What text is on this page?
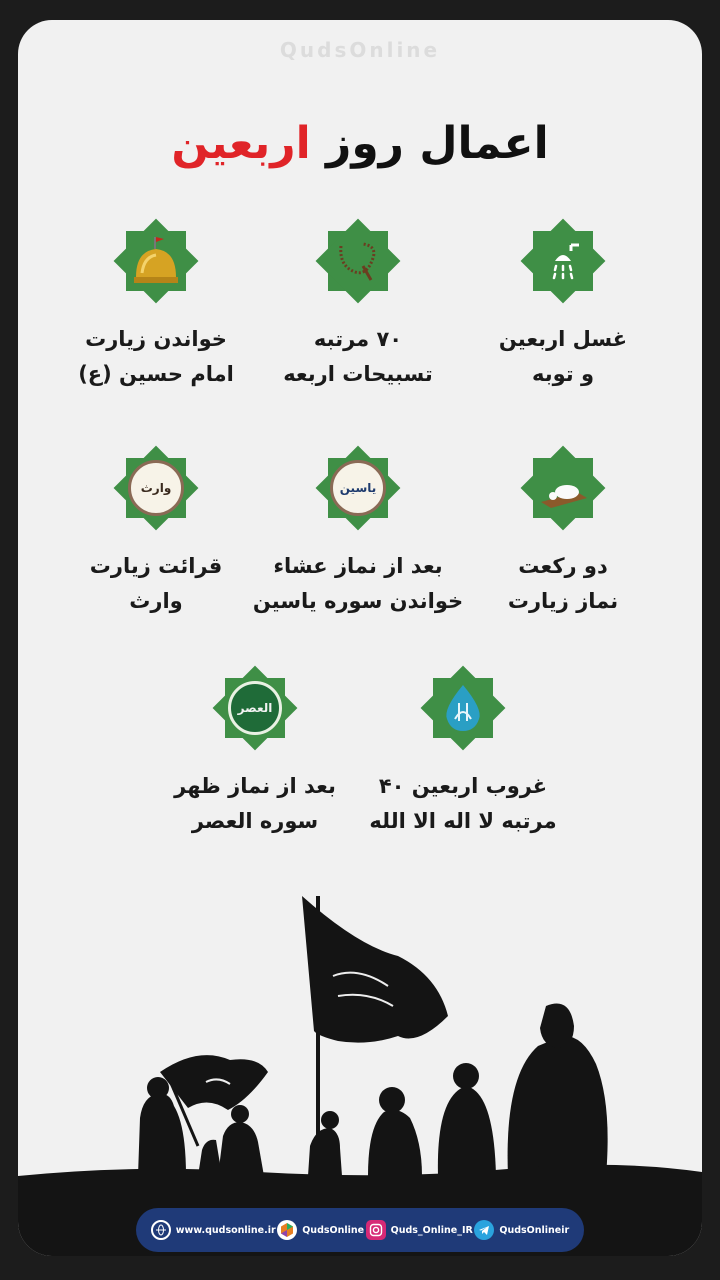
QudsOnline
اعمال روز اربعین
غسل اربعین
و توبه
۷۰ مرتبه
تسبیحات اربعه
خواندن زیارت
امام حسین (ع)
دو رکعت
نماز زیارت
یاسین
بعد از نماز عشاء
خواندن سوره یاسین
وارث
قرائت زیارت
وارث
غروب اربعین ۴۰
مرتبه لا اله الا الله
العصر
بعد از نماز ظهر
سوره العصر
www.qudsonline.ir	QudsOnline	Quds_Online_IR	QudsOnlineir
